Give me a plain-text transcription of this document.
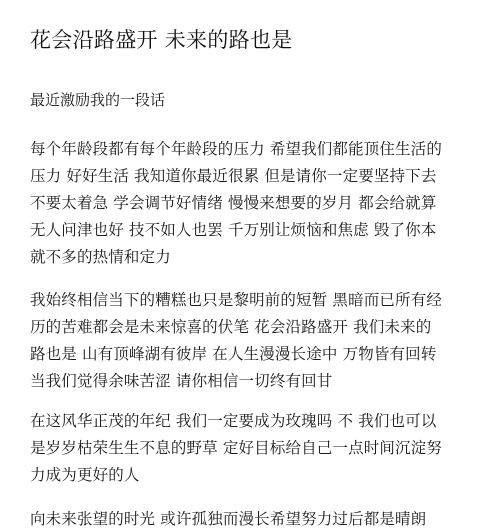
花会沿路盛开 未来的路也是
最近激励我的一段话
每个年龄段都有每个年龄段的压力 希望我们都能顶住生活的
压力 好好生活 我知道你最近很累 但是请你一定要坚持下去
不要太着急 学会调节好情绪 慢慢来想要的岁月 都会给就算
无人问津也好 技不如人也罢 千万别让烦恼和焦虑 毁了你本
就不多的热情和定力
我始终相信当下的糟糕也只是黎明前的短暂 黑暗而已所有经
历的苦难都会是未来惊喜的伏笔 花会沿路盛开 我们未来的
路也是 山有顶峰湖有彼岸 在人生漫漫长途中 万物皆有回转
当我们觉得余味苦涩 请你相信一切终有回甘
在这风华正茂的年纪 我们一定要成为玫瑰吗 不 我们也可以
是岁岁枯荣生生不息的野草 定好目标给自己一点时间沉淀努
力成为更好的人
向未来张望的时光 或许孤独而漫长希望努力过后都是晴朗
